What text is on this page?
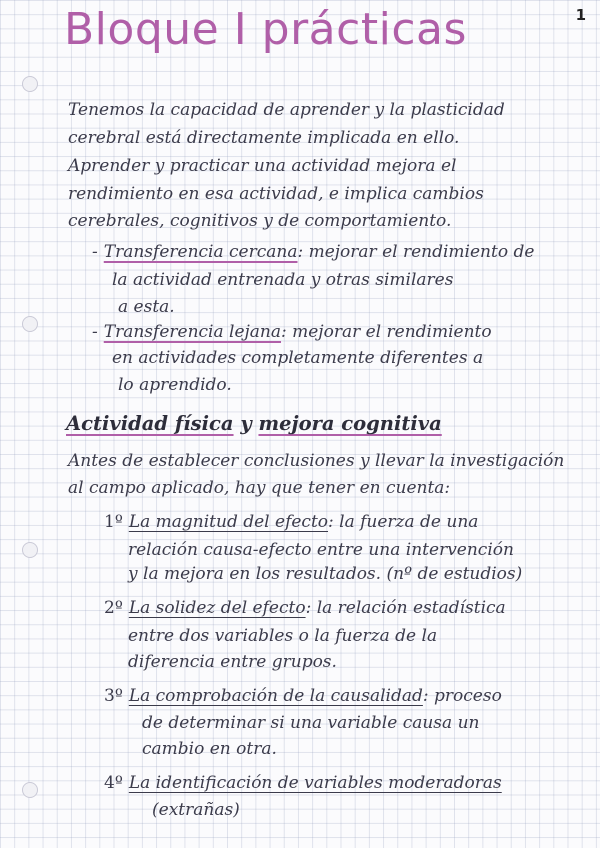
1
Bloque I prácticas

Tenemos la capacidad de aprender y la plasticidad

cerebral está directamente implicada en ello.

Aprender y practicar una actividad mejora el

rendimiento en esa actividad, e implica cambios

cerebrales, cognitivos y de comportamiento.

- Transferencia cercana: mejorar el rendimiento de

la actividad entrenada y otras similares

a esta.

- Transferencia lejana: mejorar el rendimiento

en actividades completamente diferentes a

lo aprendido.

Actividad física y mejora cognitiva

Antes de establecer conclusiones y llevar la investigación

al campo aplicado, hay que tener en cuenta:

1º La magnitud del efecto: la fuerza de una

relación causa-efecto entre una intervención

y la mejora en los resultados. (nº de estudios)

2º La solidez del efecto: la relación estadística

entre dos variables o la fuerza de la

diferencia entre grupos.

3º La comprobación de la causalidad: proceso

de determinar si una variable causa un

cambio en otra.

4º La identificación de variables moderadoras

(extrañas)
